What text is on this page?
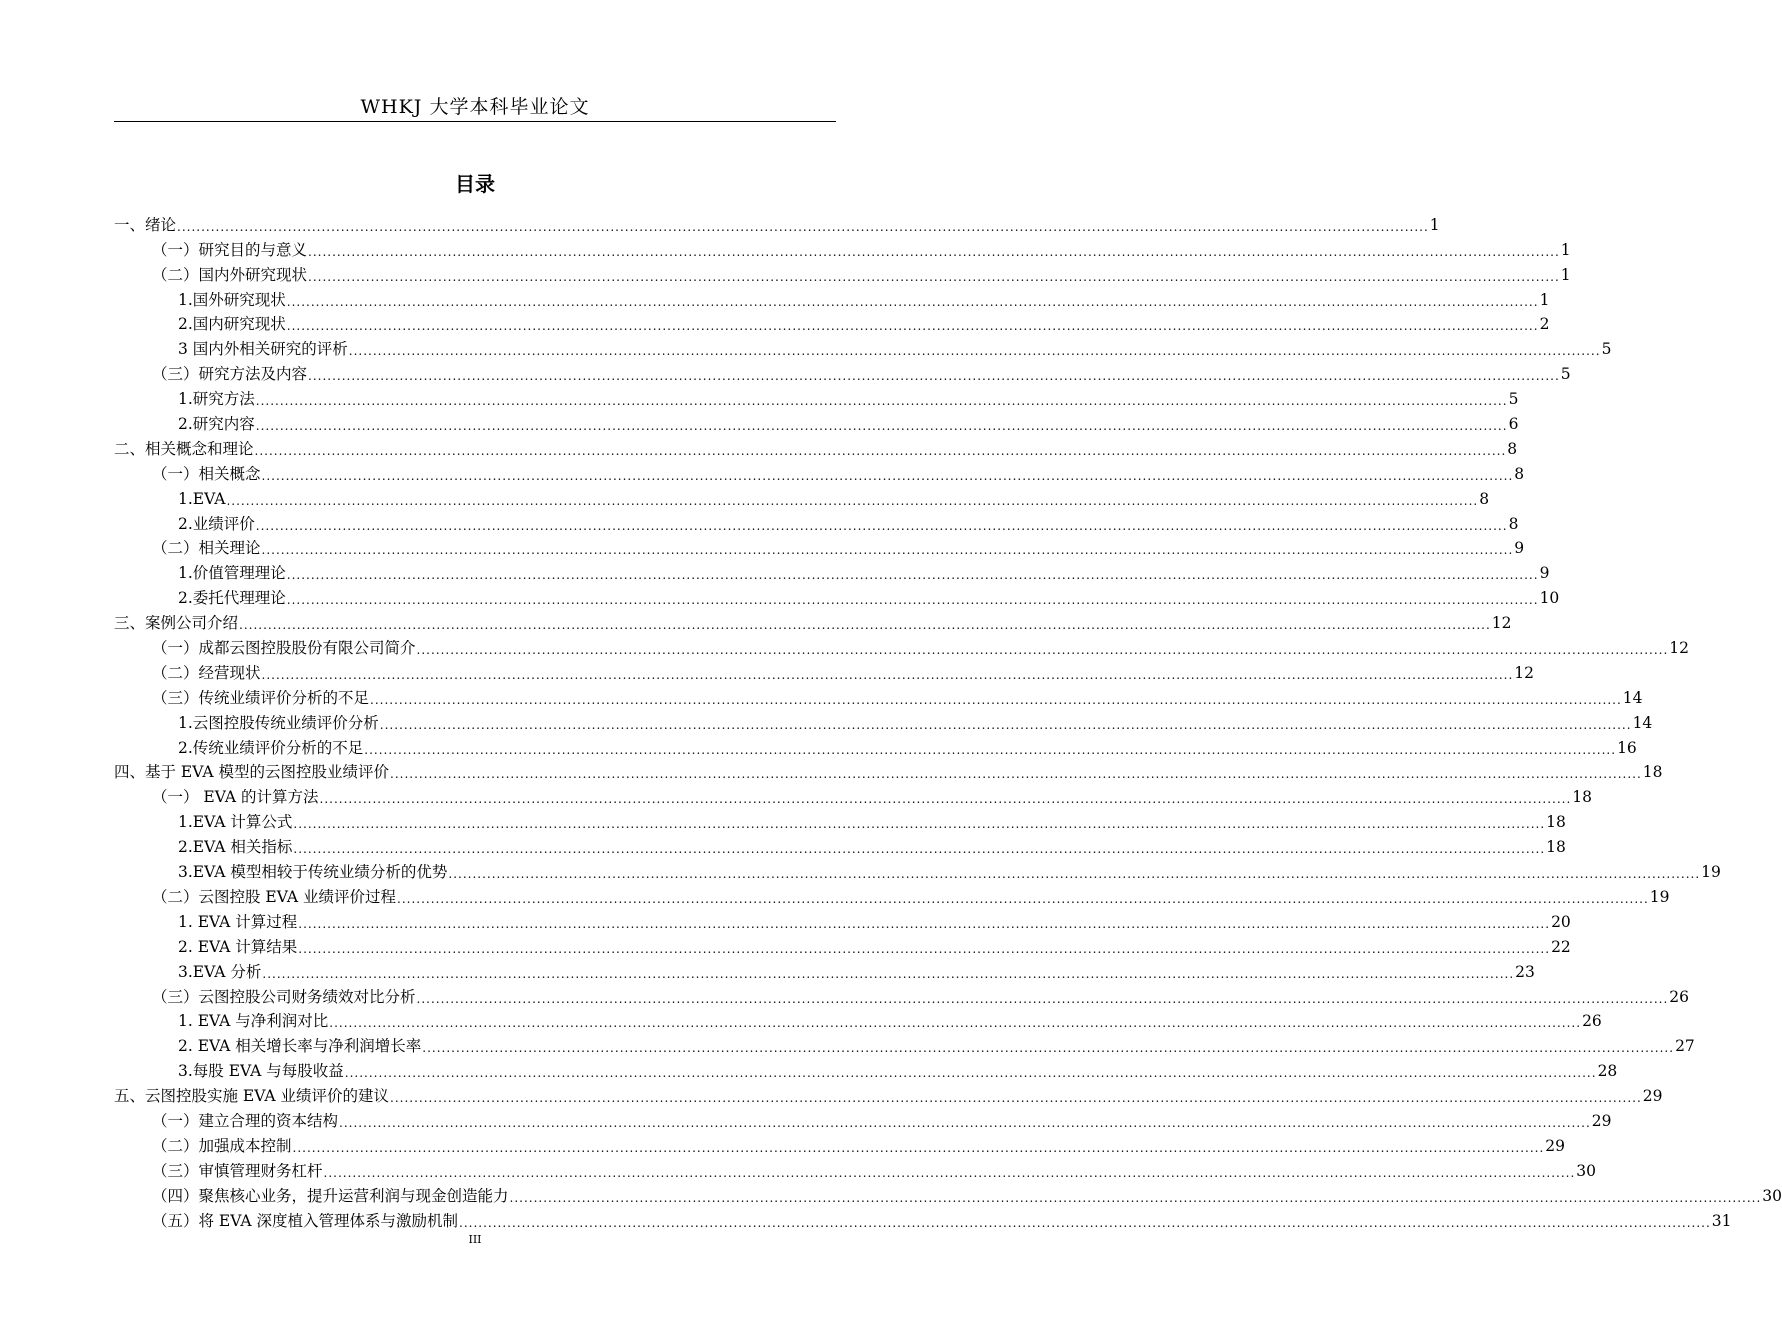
WHKJ 大学本科毕业论文
目录
一、绪论 .................................................................................................................................................................................................................................................................... 1
（一）研究目的与意义 .................................................................................................................................................................................................................................................................... 1
（二）国内外研究现状 .................................................................................................................................................................................................................................................................... 1
1.国外研究现状 .................................................................................................................................................................................................................................................................... 1
2.国内研究现状 .................................................................................................................................................................................................................................................................... 2
3 国内外相关研究的评析 .................................................................................................................................................................................................................................................................... 5
（三）研究方法及内容 .................................................................................................................................................................................................................................................................... 5
1.研究方法 .................................................................................................................................................................................................................................................................... 5
2.研究内容 .................................................................................................................................................................................................................................................................... 6
二、相关概念和理论 .................................................................................................................................................................................................................................................................... 8
（一）相关概念 .................................................................................................................................................................................................................................................................... 8
1.EVA .................................................................................................................................................................................................................................................................... 8
2.业绩评价 .................................................................................................................................................................................................................................................................... 8
（二）相关理论 .................................................................................................................................................................................................................................................................... 9
1.价值管理理论 .................................................................................................................................................................................................................................................................... 9
2.委托代理理论 .................................................................................................................................................................................................................................................................... 10
三、案例公司介绍 .................................................................................................................................................................................................................................................................... 12
（一）成都云图控股股份有限公司简介 .................................................................................................................................................................................................................................................................... 12
（二）经营现状 .................................................................................................................................................................................................................................................................... 12
（三）传统业绩评价分析的不足 .................................................................................................................................................................................................................................................................... 14
1.云图控股传统业绩评价分析 .................................................................................................................................................................................................................................................................... 14
2.传统业绩评价分析的不足 .................................................................................................................................................................................................................................................................... 16
四、基于 EVA 模型的云图控股业绩评价 .................................................................................................................................................................................................................................................................... 18
（一） EVA 的计算方法 .................................................................................................................................................................................................................................................................... 18
1.EVA 计算公式 .................................................................................................................................................................................................................................................................... 18
2.EVA 相关指标 .................................................................................................................................................................................................................................................................... 18
3.EVA 模型相较于传统业绩分析的优势 .................................................................................................................................................................................................................................................................... 19
（二）云图控股 EVA 业绩评价过程 .................................................................................................................................................................................................................................................................... 19
1. EVA 计算过程 .................................................................................................................................................................................................................................................................... 20
2. EVA 计算结果 .................................................................................................................................................................................................................................................................... 22
3.EVA 分析 .................................................................................................................................................................................................................................................................... 23
（三）云图控股公司财务绩效对比分析 .................................................................................................................................................................................................................................................................... 26
1. EVA 与净利润对比 .................................................................................................................................................................................................................................................................... 26
2. EVA 相关增长率与净利润增长率 .................................................................................................................................................................................................................................................................... 27
3.每股 EVA 与每股收益 .................................................................................................................................................................................................................................................................... 28
五、云图控股实施 EVA 业绩评价的建议 .................................................................................................................................................................................................................................................................... 29
（一）建立合理的资本结构 .................................................................................................................................................................................................................................................................... 29
（二）加强成本控制 .................................................................................................................................................................................................................................................................... 29
（三）审慎管理财务杠杆 .................................................................................................................................................................................................................................................................... 30
（四）聚焦核心业务，提升运营利润与现金创造能力 .................................................................................................................................................................................................................................................................... 30
（五）将 EVA 深度植入管理体系与激励机制 .................................................................................................................................................................................................................................................................... 31
III
